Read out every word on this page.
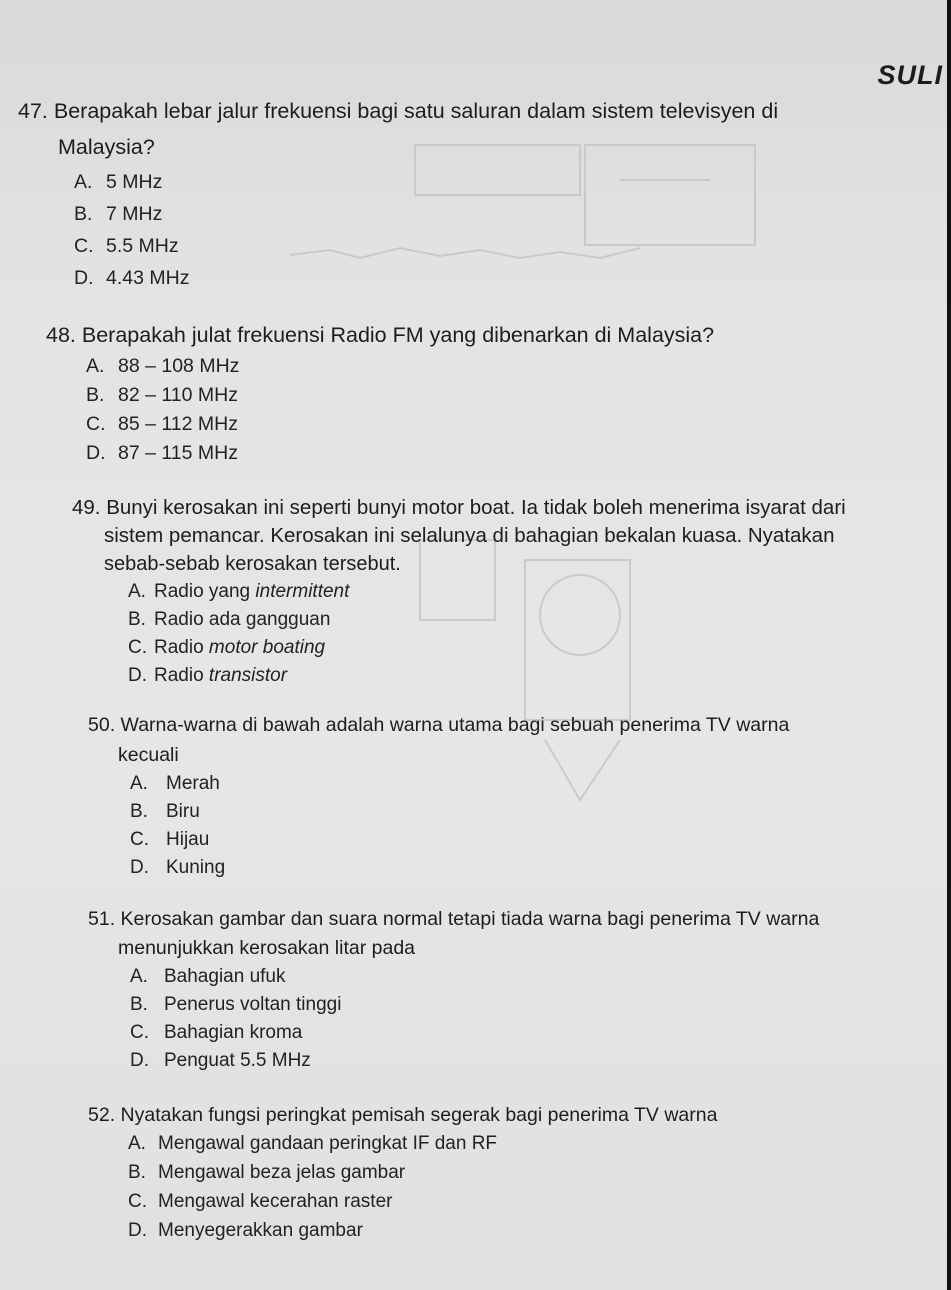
SULI
47. Berapakah lebar jalur frekuensi bagi satu saluran dalam sistem televisyen di
Malaysia?
A. 5 MHz
B. 7 MHz
C. 5.5 MHz
D. 4.43 MHz
48. Berapakah julat frekuensi Radio FM yang dibenarkan di Malaysia?
A. 88 – 108 MHz
B. 82 – 110 MHz
C. 85 – 112 MHz
D. 87 – 115 MHz
49. Bunyi kerosakan ini seperti bunyi motor boat. Ia tidak boleh menerima isyarat dari
sistem pemancar. Kerosakan ini selalunya di bahagian bekalan kuasa. Nyatakan
sebab-sebab kerosakan tersebut.
A. Radio yang intermittent
B. Radio ada gangguan
C. Radio motor boating
D. Radio transistor
50. Warna-warna di bawah adalah warna utama bagi sebuah penerima TV warna
kecuali
A. Merah
B. Biru
C. Hijau
D. Kuning
51. Kerosakan gambar dan suara normal tetapi tiada warna bagi penerima TV warna
menunjukkan kerosakan litar pada
A. Bahagian ufuk
B. Penerus voltan tinggi
C. Bahagian kroma
D. Penguat 5.5 MHz
52. Nyatakan fungsi peringkat pemisah segerak bagi penerima TV warna
A. Mengawal gandaan peringkat IF dan RF
B. Mengawal beza jelas gambar
C. Mengawal kecerahan raster
D. Menyegerakkan gambar
